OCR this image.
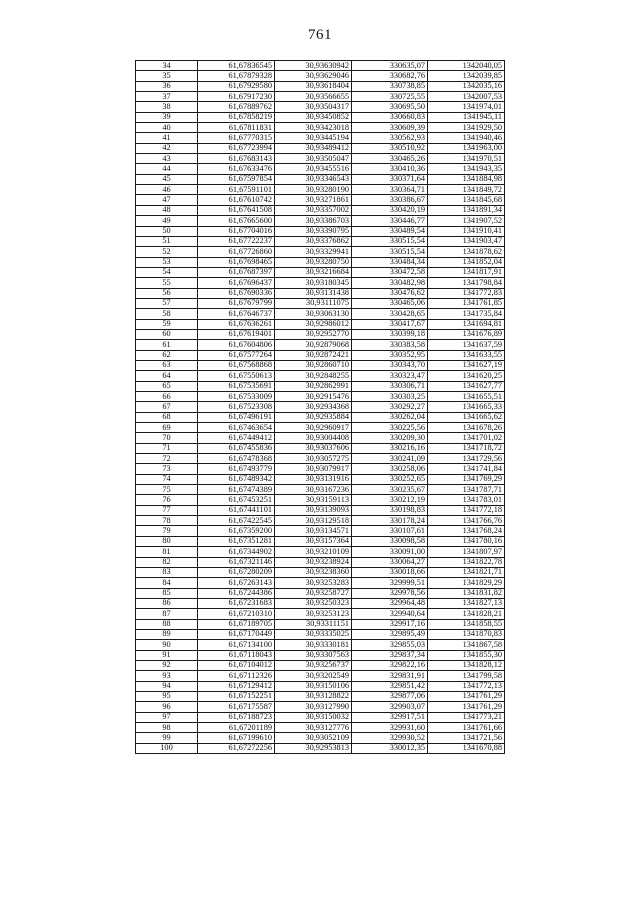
761
34	61,67836545	30,93630942	330635,07	1342040,05
35	61,67879328	30,93629046	330682,76	1342039,85
36	61,67929580	30,93618404	330738,85	1342035,16
37	61,67917230	30,93566655	330725,55	1342007,53
38	61,67889762	30,93504317	330695,50	1341974,01
39	61,67858219	30,93450852	330660,83	1341945,11
40	61,67811831	30,93423018	330609,39	1341929,50
41	61,67770315	30,93445194	330562,93	1341940,46
42	61,67723994	30,93489412	330510,92	1341963,00
43	61,67683143	30,93505047	330465,26	1341970,51
44	61,67633476	30,93455516	330410,36	1341943,35
45	61,67597854	30,93346543	330371,64	1341884,98
46	61,67591101	30,93280190	330364,71	1341849,72
47	61,67610742	30,93271861	330386,67	1341845,68
48	61,67641508	30,93357002	330420,19	1341891,34
49	61,67665600	30,93386703	330446,77	1341907,52
50	61,67704016	30,93390795	330489,54	1341910,41
51	61,67722237	30,93376862	330515,54	1341903,47
52	61,67726860	30,93329941	330515,54	1341878,62
53	61,67698465	30,93280750	330484,34	1341852,04
54	61,67687397	30,93216684	330472,58	1341817,91
55	61,67696437	30,93180345	330482,98	1341798,84
56	61,67690336	30,93131438	330476,62	1341772,83
57	61,67679799	30,93111075	330465,06	1341761,85
58	61,67646737	30,93063130	330428,65	1341735,84
59	61,67636261	30,92986012	330417,67	1341694,81
60	61,67619401	30,92952770	330399,18	1341676,89
61	61,67604806	30,92879068	330383,58	1341637,59
62	61,67577264	30,92872421	330352,95	1341633,55
63	61,67568868	30,92860710	330343,70	1341627,19
64	61,67550613	30,92848255	330323,47	1341620,25
65	61,67535691	30,92862991	330306,71	1341627,77
66	61,67533009	30,92915476	330303,25	1341655,51
67	61,67523308	30,92934368	330292,27	1341665,33
68	61,67496191	30,92935884	330262,04	1341665,62
69	61,67463654	30,92960917	330225,56	1341678,26
70	61,67449412	30,93004408	330209,30	1341701,02
71	61,67455836	30,93037606	330216,16	1341718,72
72	61,67478368	30,93057275	330241,09	1341729,56
73	61,67493779	30,93079917	330258,06	1341741,84
74	61,67489342	30,93131916	330252,65	1341769,29
75	61,67474389	30,93167236	330235,67	1341787,71
76	61,67453251	30,93159113	330212,19	1341783,01
77	61,67441101	30,93139093	330198,83	1341772,18
78	61,67422545	30,93129518	330178,24	1341766,76
79	61,67359200	30,93134571	330107,61	1341768,24
80	61,67351281	30,93157364	330098,58	1341780,16
81	61,67344902	30,93210109	330091,00	1341807,97
82	61,67321146	30,93238924	330064,27	1341822,78
83	61,67280209	30,93238360	330018,66	1341821,71
84	61,67263143	30,93253283	329999,51	1341829,29
85	61,67244386	30,93258727	329978,56	1341831,82
86	61,67231683	30,93250323	329964,48	1341827,13
87	61,67210310	30,93253123	329940,64	1341828,21
88	61,67189705	30,93311151	329917,16	1341858,55
89	61,67170449	30,93335025	329895,49	1341870,83
90	61,67134100	30,93330181	329855,03	1341867,58
91	61,67118043	30,93307563	329837,34	1341855,30
92	61,67104012	30,93256737	329822,16	1341828,12
93	61,67112326	30,93202549	329831,91	1341799,58
94	61,67129412	30,93150106	329851,42	1341772,13
95	61,67152251	30,93128822	329877,06	1341761,29
96	61,67175587	30,93127990	329903,07	1341761,29
97	61,67188723	30,93150032	329917,51	1341773,21
98	61,67201189	30,93127776	329931,60	1341761,66
99	61,67199610	30,93052109	329930,52	1341721,56
100	61,67272256	30,92953813	330012,35	1341670,88
